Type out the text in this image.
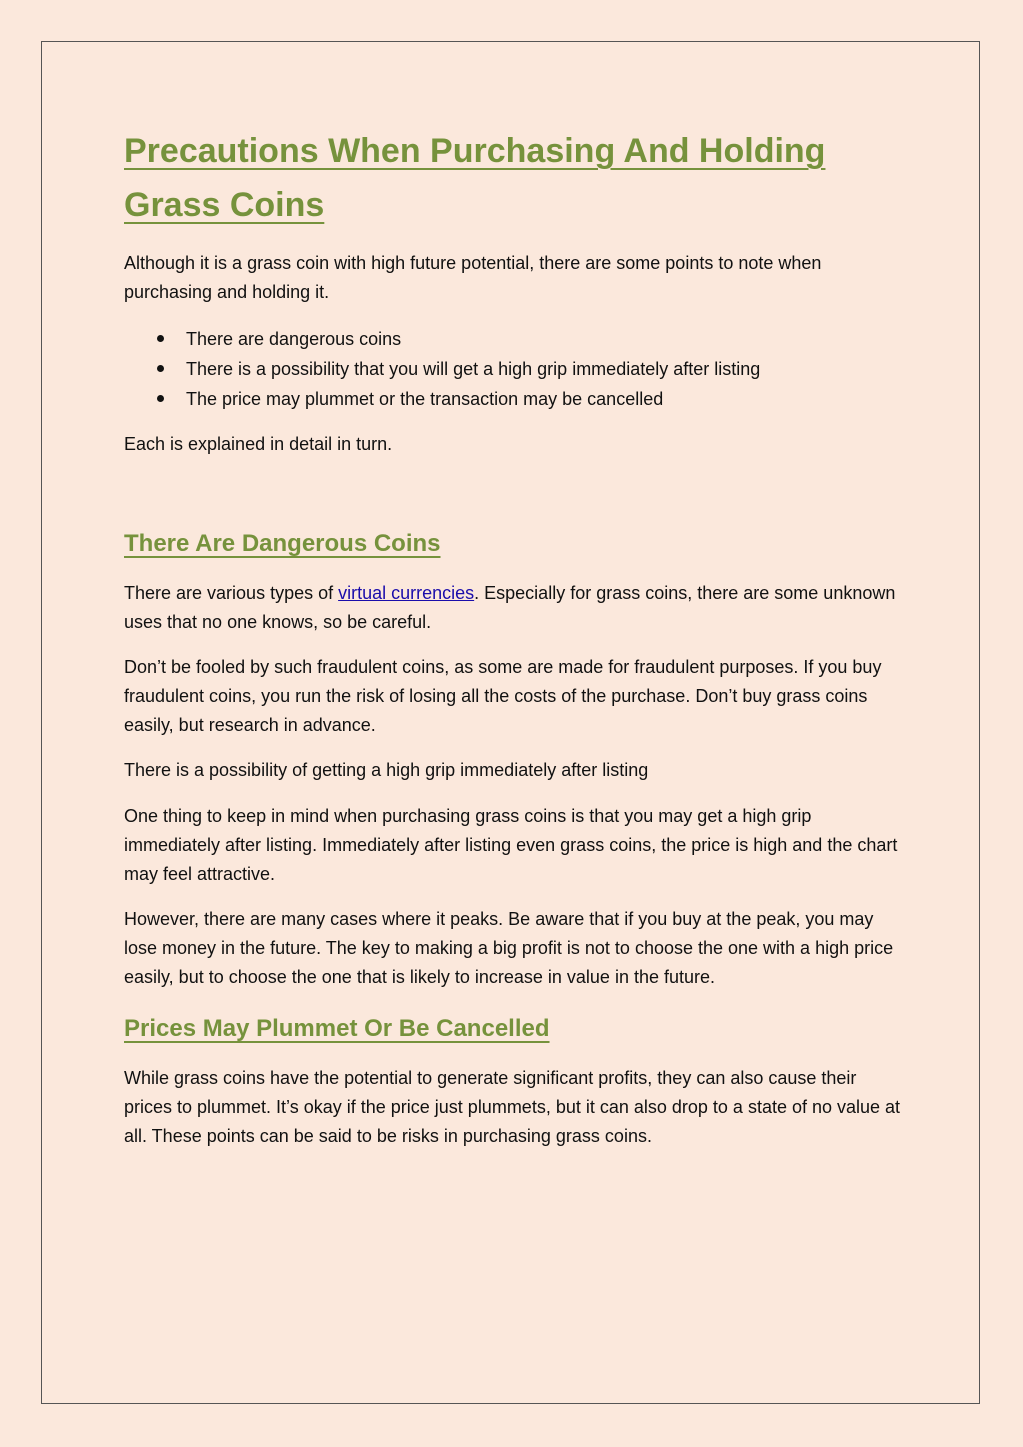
Precautions When Purchasing And Holding Grass Coins

Although it is a grass coin with high future potential, there are some points to note when purchasing and holding it.

There are dangerous coins
There is a possibility that you will get a high grip immediately after listing
The price may plummet or the transaction may be cancelled

Each is explained in detail in turn.

There Are Dangerous Coins

There are various types of virtual currencies. Especially for grass coins, there are some unknown uses that no one knows, so be careful.

Don’t be fooled by such fraudulent coins, as some are made for fraudulent purposes. If you buy fraudulent coins, you run the risk of losing all the costs of the purchase. Don’t buy grass coins easily, but research in advance.

There is a possibility of getting a high grip immediately after listing

One thing to keep in mind when purchasing grass coins is that you may get a high grip immediately after listing. Immediately after listing even grass coins, the price is high and the chart may feel attractive.

However, there are many cases where it peaks. Be aware that if you buy at the peak, you may lose money in the future. The key to making a big profit is not to choose the one with a high price easily, but to choose the one that is likely to increase in value in the future.

Prices May Plummet Or Be Cancelled

While grass coins have the potential to generate significant profits, they can also cause their prices to plummet. It’s okay if the price just plummets, but it can also drop to a state of no value at all. These points can be said to be risks in purchasing grass coins.
